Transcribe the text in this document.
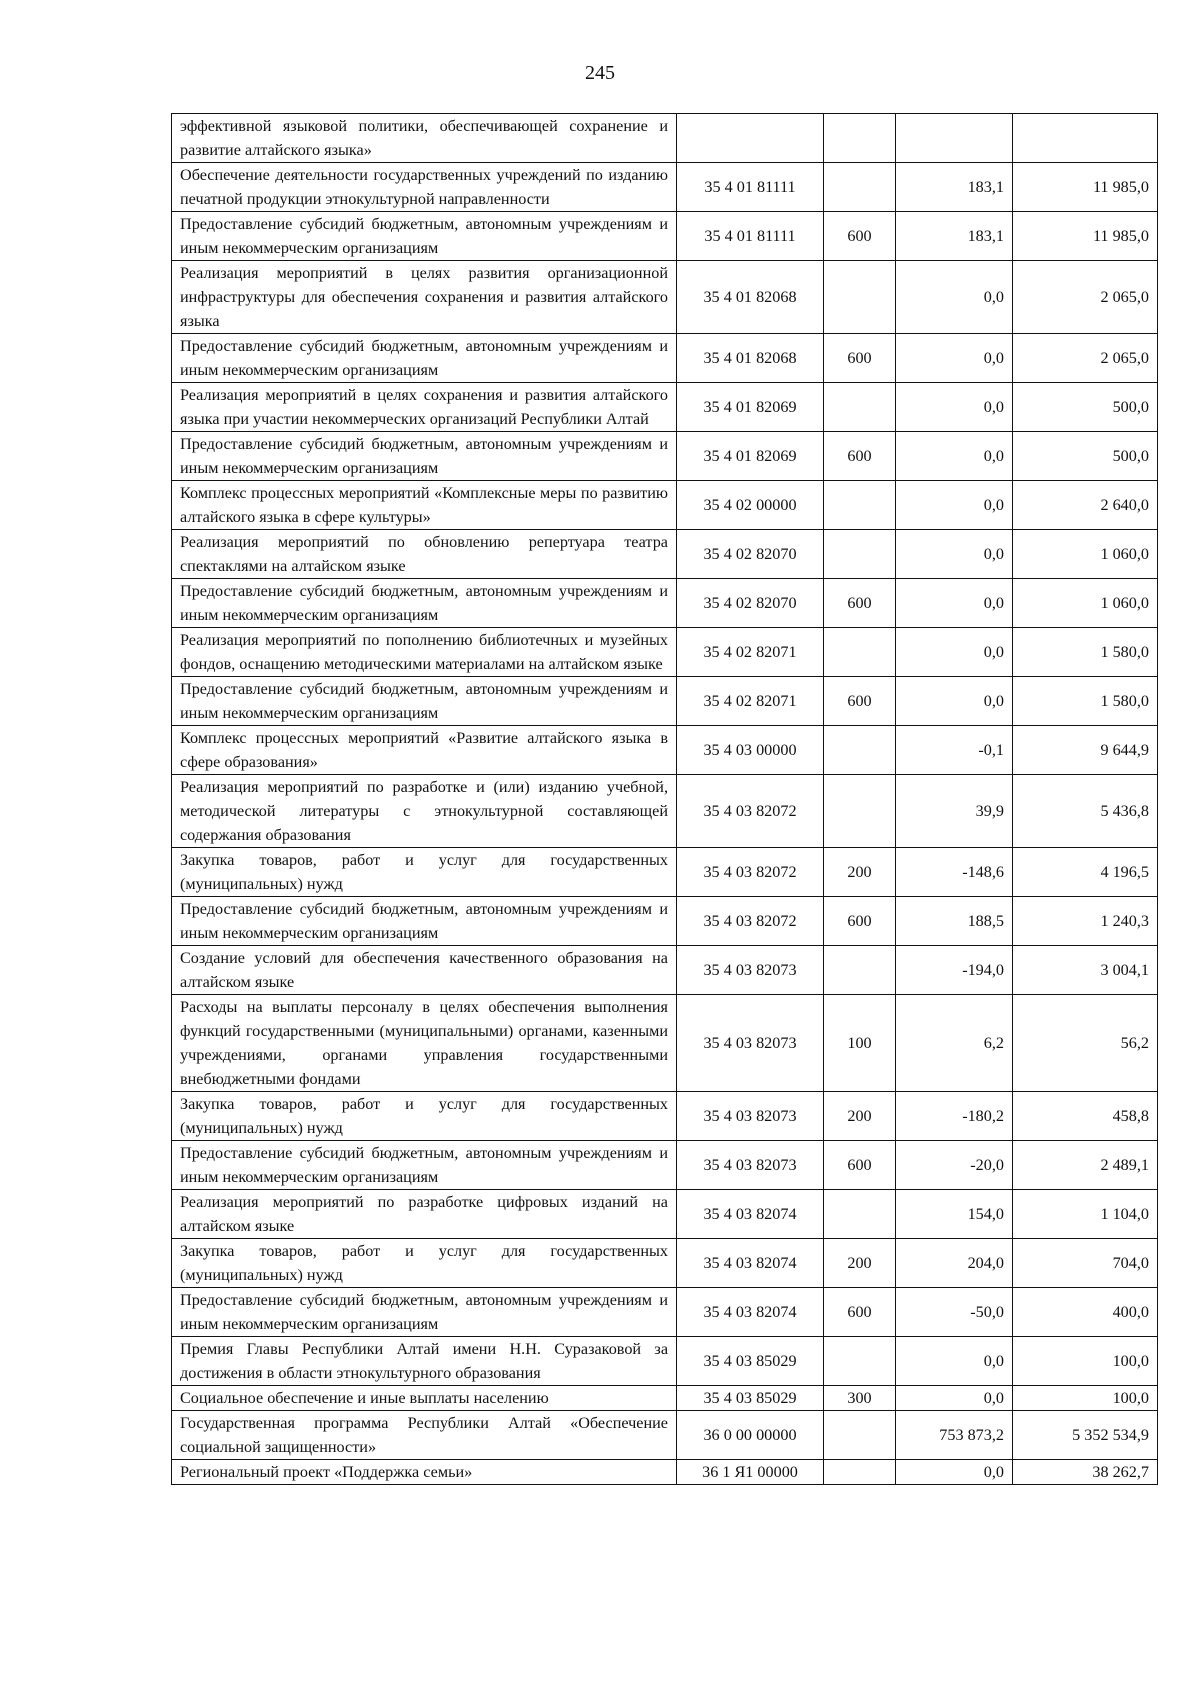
245
эффективной языковой политики, обеспечивающей сохранение и развитие алтайского языка»				
Обеспечение деятельности государственных учреждений по изданию печатной продукции этнокультурной направленности	35 4 01 81111		183,1	11 985,0
Предоставление субсидий бюджетным, автономным учреждениям и иным некоммерческим организациям	35 4 01 81111	600	183,1	11 985,0
Реализация мероприятий в целях развития организационной инфраструктуры для обеспечения сохранения и развития алтайского языка	35 4 01 82068		0,0	2 065,0
Предоставление субсидий бюджетным, автономным учреждениям и иным некоммерческим организациям	35 4 01 82068	600	0,0	2 065,0
Реализация мероприятий в целях сохранения и развития алтайского языка при участии некоммерческих организаций Республики Алтай	35 4 01 82069		0,0	500,0
Предоставление субсидий бюджетным, автономным учреждениям и иным некоммерческим организациям	35 4 01 82069	600	0,0	500,0
Комплекс процессных мероприятий «Комплексные меры по развитию алтайского языка в сфере культуры»	35 4 02 00000		0,0	2 640,0
Реализация мероприятий по обновлению репертуара театра спектаклями на алтайском языке	35 4 02 82070		0,0	1 060,0
Предоставление субсидий бюджетным, автономным учреждениям и иным некоммерческим организациям	35 4 02 82070	600	0,0	1 060,0
Реализация мероприятий по пополнению библиотечных и музейных фондов, оснащению методическими материалами на алтайском языке	35 4 02 82071		0,0	1 580,0
Предоставление субсидий бюджетным, автономным учреждениям и иным некоммерческим организациям	35 4 02 82071	600	0,0	1 580,0
Комплекс процессных мероприятий «Развитие алтайского языка в сфере образования»	35 4 03 00000		-0,1	9 644,9
Реализация мероприятий по разработке и (или) изданию учебной, методической литературы с этнокультурной составляющей содержания образования	35 4 03 82072		39,9	5 436,8
Закупка товаров, работ и услуг для государственных (муниципальных) нужд	35 4 03 82072	200	-148,6	4 196,5
Предоставление субсидий бюджетным, автономным учреждениям и иным некоммерческим организациям	35 4 03 82072	600	188,5	1 240,3
Создание условий для обеспечения качественного образования на алтайском языке	35 4 03 82073		-194,0	3 004,1
Расходы на выплаты персоналу в целях обеспечения выполнения функций государственными (муниципальными) органами, казенными учреждениями, органами управления государственными внебюджетными фондами	35 4 03 82073	100	6,2	56,2
Закупка товаров, работ и услуг для государственных (муниципальных) нужд	35 4 03 82073	200	-180,2	458,8
Предоставление субсидий бюджетным, автономным учреждениям и иным некоммерческим организациям	35 4 03 82073	600	-20,0	2 489,1
Реализация мероприятий по разработке цифровых изданий на алтайском языке	35 4 03 82074		154,0	1 104,0
Закупка товаров, работ и услуг для государственных (муниципальных) нужд	35 4 03 82074	200	204,0	704,0
Предоставление субсидий бюджетным, автономным учреждениям и иным некоммерческим организациям	35 4 03 82074	600	-50,0	400,0
Премия Главы Республики Алтай имени Н.Н. Суразаковой за достижения в области этнокультурного образования	35 4 03 85029		0,0	100,0
Социальное обеспечение и иные выплаты населению	35 4 03 85029	300	0,0	100,0
Государственная программа Республики Алтай «Обеспечение социальной защищенности»	36 0 00 00000		753 873,2	5 352 534,9
Региональный проект «Поддержка семьи»	36 1 Я1 00000		0,0	38 262,7
